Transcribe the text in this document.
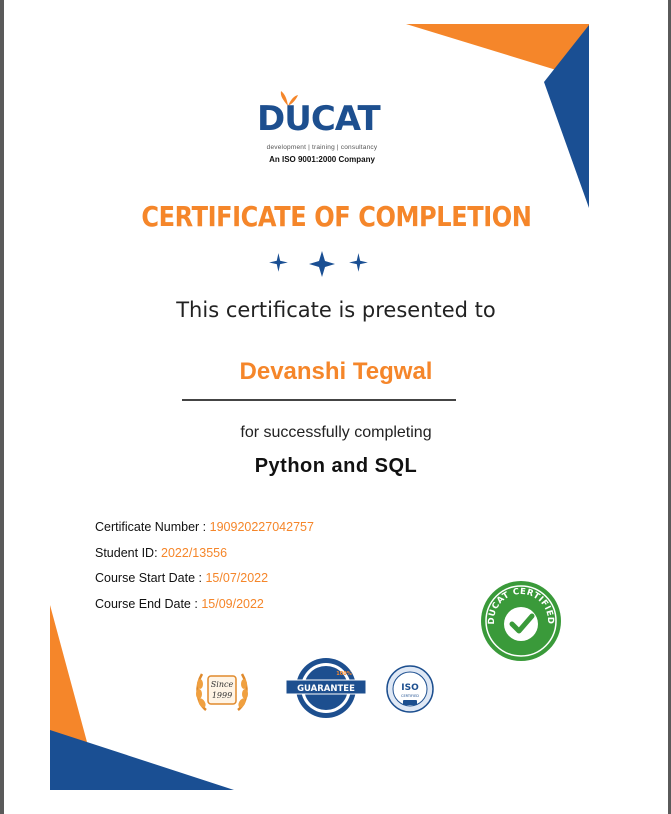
DUCAT
development | training | consultancy
An ISO 9001:2000 Company
CERTIFICATE OF COMPLETION
This certificate is presented to
Devanshi Tegwal
for successfully completing
Python and SQL
Certificate Number : 190920227042757
Student ID: 2022/13556
Course Start Date : 15/07/2022
Course End Date : 15/09/2022
DUCAT CERTIFIED
Since
1999
100%
GUARANTEE	ISO
CERTIFIED
